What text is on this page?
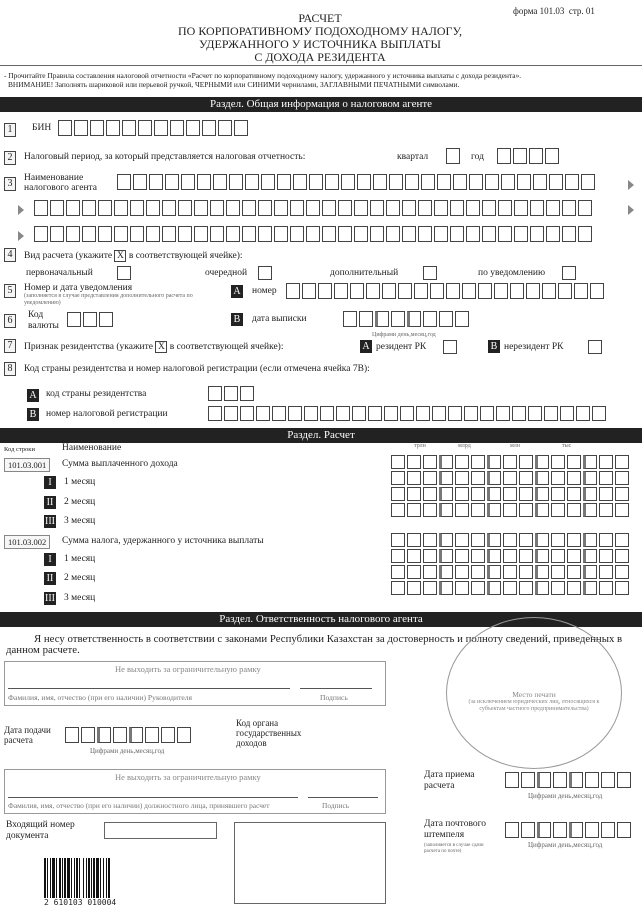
форма 101.03 стр. 01
РАСЧЕТ
ПО КОРПОРАТИВНОМУ ПОДОХОДНОМУ НАЛОГУ,
УДЕРЖАННОГО У ИСТОЧНИКА ВЫПЛАТЫ
С ДОХОДА РЕЗИДЕНТА
- Прочитайте Правила составления налоговой отчетности «Расчет по корпоративному подоходному налогу, удержанного у источника выплаты с дохода резидента».
ВНИМАНИЕ! Заполнять шариковой или перьевой ручкой, ЧЕРНЫМИ или СИНИМИ чернилами, ЗАГЛАВНЫМИ ПЕЧАТНЫМИ символами.
Раздел. Общая информация о налоговом агенте
1	БИН
2	Налоговый период, за который представляется налоговая отчетность:	квартал	год
3	Наименование налогового агента
4	Вид расчета (укажите X в соответствующей ячейке):
первоначальный	очередной	дополнительный	по уведомлению
5	Номер и дата уведомления
(заполняется в случае представления дополнительного расчета по уведомлению)
A номер
6	Код валюты
B дата выписки
Цифрами день,месяц,год
7	Признак резидентства (укажите X в соответствующей ячейке):	A резидент РК	B нерезидент РК
8	Код страны резидентства и номер налоговой регистрации (если отмечена ячейка 7В):
A код страны резидентства
B номер налоговой регистрации
Раздел. Расчет
Код строки	Наименование	трлн	млрд	млн	тыс
101.03.001	Сумма выплаченного дохода
I	1 месяц
II 2 месяц
III 3 месяц
101.03.002	Сумма налога, удержанного у источника выплаты
I	1 месяц
II 2 месяц
III 3 месяц
Раздел. Ответственность налогового агента
Я несу ответственность в соответствии с законами Республики Казахстан за достоверность и полноту сведений, приведенных в данном расчете.
Не выходить за ограничительную рамку
Фамилия, имя, отчество (при его наличии) Руководителя	Подпись	Место печати
(за исключением юридических лиц, относящихся к субъектам частного предпринимательства)
Дата подачи расчета
Цифрами день,месяц,год
Код органа государственных доходов
Не выходить за ограничительную рамку
Фамилия, имя, отчество (при его наличии) должностного лица, принявшего расчет	Подпись
Дата приема расчета
Цифрами день,месяц,год
Входящий номер документа
Дата почтового штемпеля
(заполняется в случае сдачи расчета по почте)
Цифрами день,месяц,год
2 610103 010004
